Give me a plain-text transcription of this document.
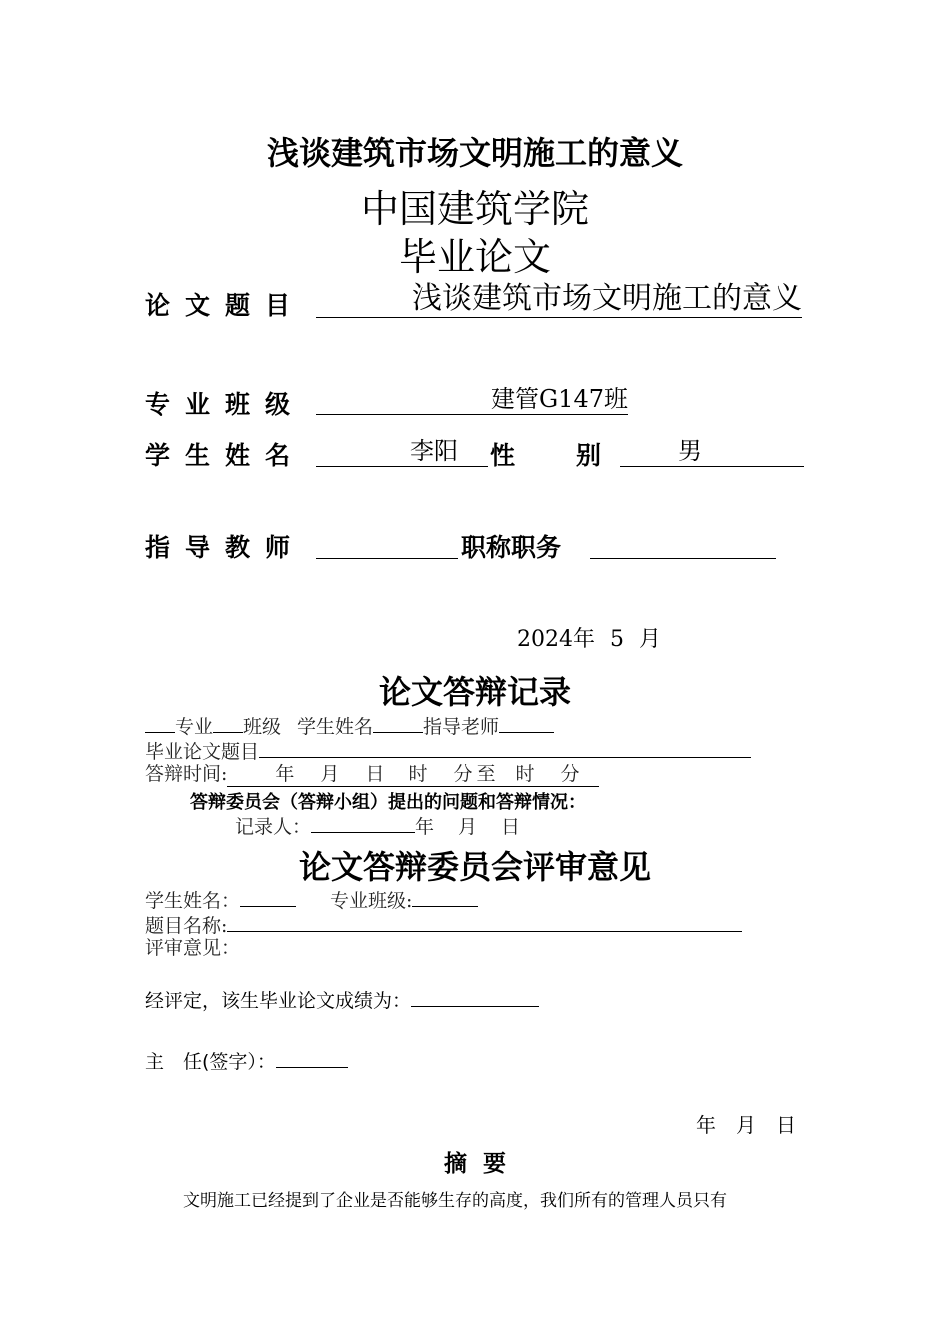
浅谈建筑市场文明施工的意义
中国建筑学院
毕业论文
论文题目	浅谈建筑市场文明施工的意义
专业班级	建管G147班
学生姓名	李阳	性 别	男
指导教师	职称职务
2024年 5 月
论文答辩记录
专业 班级 学生姓名	指导老师
毕业论文题目
答辩时间:	年 月 日 时 分 至 时 分
答辩委员会（答辩小组）提出的问题和答辩情况：
记录人：	年 月 日
论文答辩委员会评审意见
学生姓名：	专业班级:
题目名称:
评审意见：
经评定，该生毕业论文成绩为：
主　任(签字）：
年 月 日
摘  要
文明施工已经提到了企业是否能够生存的高度，我们所有的管理人员只有
